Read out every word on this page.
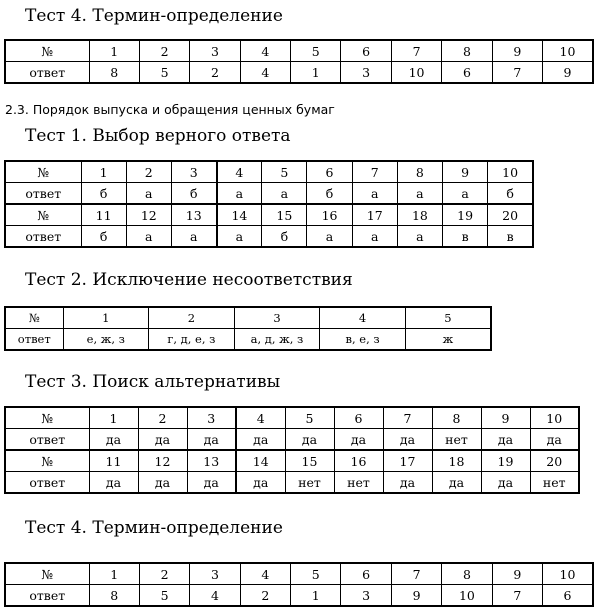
Тест 4. Термин-определение
№	1	2	3	4	5	6	7	8	9	10
ответ	8	5	2	4	1	3	10	6	7	9
2.3. Порядок выпуска и обращения ценных бумаг
Тест 1. Выбор верного ответа
№	1	2	3	4	5	6	7	8	9	10
ответ	б	а	б	а	а	б	а	а	а	б
№	11	12	13	14	15	16	17	18	19	20
ответ	б	а	а	а	б	а	а	а	в	в
Тест 2. Исключение несоответствия
№	1	2	3	4	5
ответ	е, ж, з	г, д, е, з	а, д, ж, з	в, е, з	ж
Тест 3. Поиск альтернативы
№	1	2	3	4	5	6	7	8	9	10
ответ	да	да	да	да	да	да	да	нет	да	да
№	11	12	13	14	15	16	17	18	19	20
ответ	да	да	да	да	нет	нет	да	да	да	нет
Тест 4. Термин-определение
№	1	2	3	4	5	6	7	8	9	10
ответ	8	5	4	2	1	3	9	10	7	6
